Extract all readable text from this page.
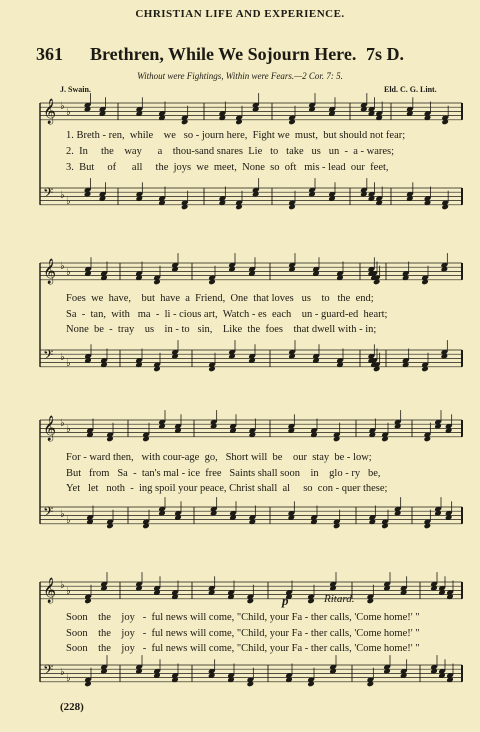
CHRISTIAN LIFE AND EXPERIENCE.
361 Brethren, While We Sojourn Here. 7s D.
Without were Fightings, Within were Fears.—2 Cor. 7: 5.
J. Swain.	Eld. C. G. Lint.
𝄞 ♭
♭
𝄢 ♭
♭
𝄞 ♭
♭
𝄢 ♭
♭
𝄞 ♭
♭
𝄢 ♭
♭
𝄞 ♭
♭
𝄢 ♭
♭
1. Breth - ren,  while    we   so - journ here,  Fight we  must,  but should not fear;
2.  In     the    way      a    thou-sand snares  Lie   to   take   us   un  -  a - wares;
3.  But     of      all     the  joys  we  meet,  None  so  oft   mis - lead  our  feet,
Foes  we  have,    but  have  a  Friend,  One  that loves   us    to   the  end;
Sa  -  tan,  with   ma  -  li - cious art,  Watch - es  each    un - guard-ed  heart;
None  be  -  tray    us    in - to   sin,    Like  the  foes    that dwell with - in;
For - ward then,   with cour-age  go,   Short will  be    our  stay  be - low;
But   from   Sa  -  tan's mal - ice  free   Saints shall soon    in    glo - ry   be,
Yet   let   noth  -  ing spoil your peace, Christ shall  al     so  con - quer these;
p	Ritard.
Soon    the    joy   -  ful news will come, "Child, your Fa - ther calls, 'Come home!' "
Soon    the    joy   -  ful news will come, "Child, your Fa - ther calls, 'Come home!' "
Soon    the    joy   -  ful news will come, "Child, your Fa - ther calls, 'Come home!' "
(228)
